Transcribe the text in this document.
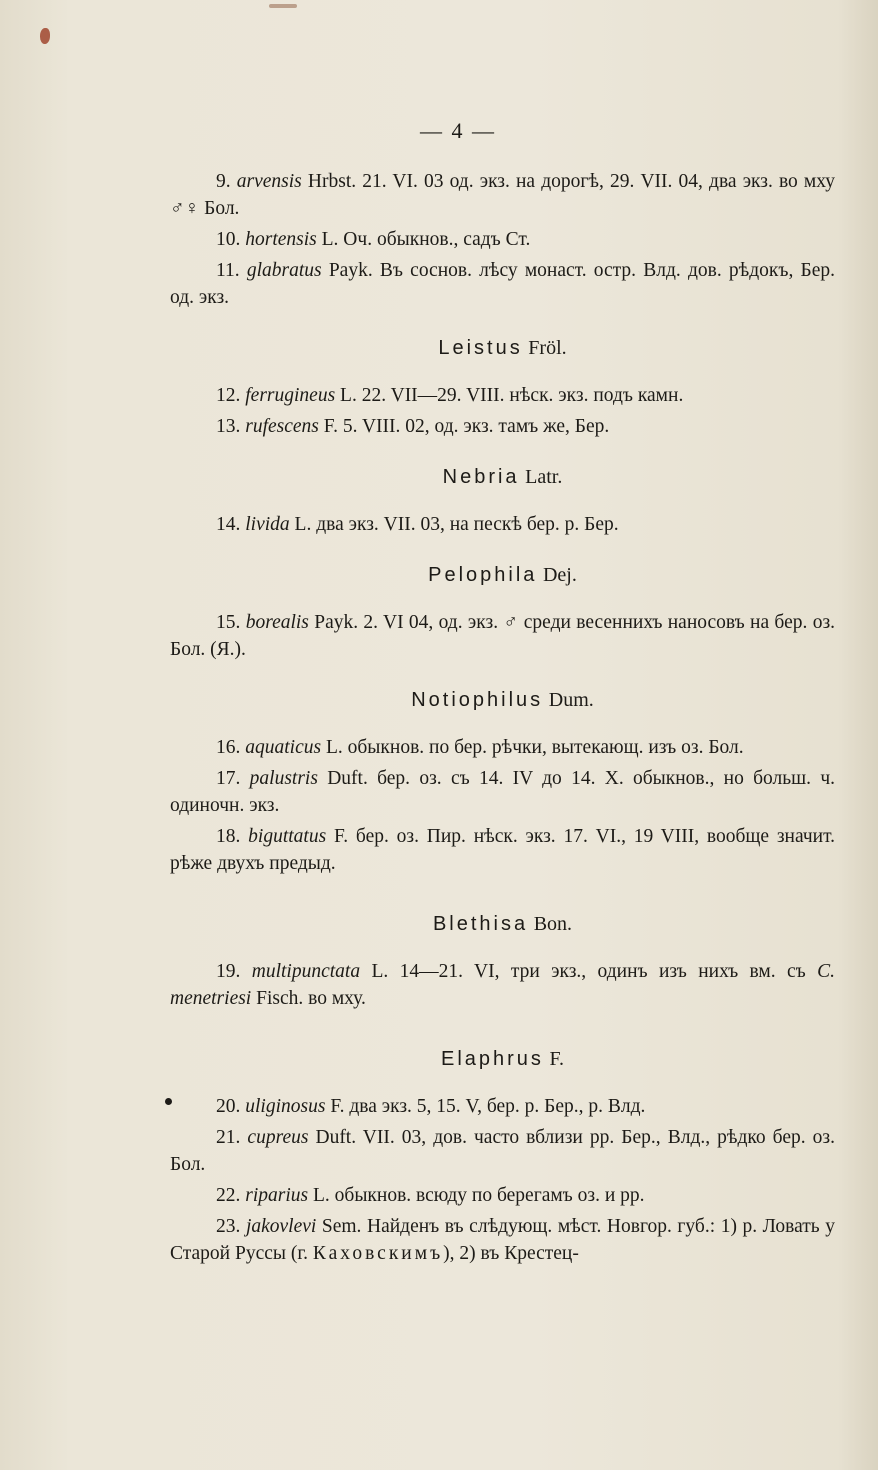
— 4 —

9. arvensis Hrbst. 21. VI. 03 од. экз. на дорогѣ, 29. VII. 04, два экз. во мху ♂♀ Бол.

10. hortensis L. Оч. обыкнов., садъ Ст.

11. glabratus Payk. Въ соснов. лѣсу монаст. остр. Влд. дов. рѣдокъ, Бер. од. экз.

Leistus Fröl.

12. ferrugineus L. 22. VII—29. VIII. нѣск. экз. подъ камн.

13. rufescens F. 5. VIII. 02, од. экз. тамъ же, Бер.

Nebria Latr.

14. livida L. два экз. VII. 03, на пескѣ бер. р. Бер.

Pelophila Dej.

15. borealis Payk. 2. VI 04, од. экз. ♂ среди весеннихъ наносовъ на бер. оз. Бол. (Я.).

Notiophilus Dum.

16. aquaticus L. обыкнов. по бер. рѣчки, вытекающ. изъ оз. Бол.

17. palustris Duft. бер. оз. съ 14. IV до 14. X. обыкнов., но больш. ч. одиночн. экз.

18. biguttatus F. бер. оз. Пир. нѣск. экз. 17. VI., 19 VIII, вообще значит. рѣже двухъ предыд.

Blethisa Bon.

19. multipunctata L. 14—21. VI, три экз., одинъ изъ нихъ вм. съ C. menetriesi Fisch. во мху.

Elaphrus F.

20. uliginosus F. два экз. 5, 15. V, бер. р. Бер., р. Влд.

21. cupreus Duft. VII. 03, дов. часто вблизи рр. Бер., Влд., рѣдко бер. оз. Бол.

22. riparius L. обыкнов. всюду по берегамъ оз. и рр.

23. jakovlevi Sem. Найденъ въ слѣдующ. мѣст. Новгор. губ.: 1) р. Ловать у Старой Руссы (г. Каховскимъ), 2) въ Крестец-
